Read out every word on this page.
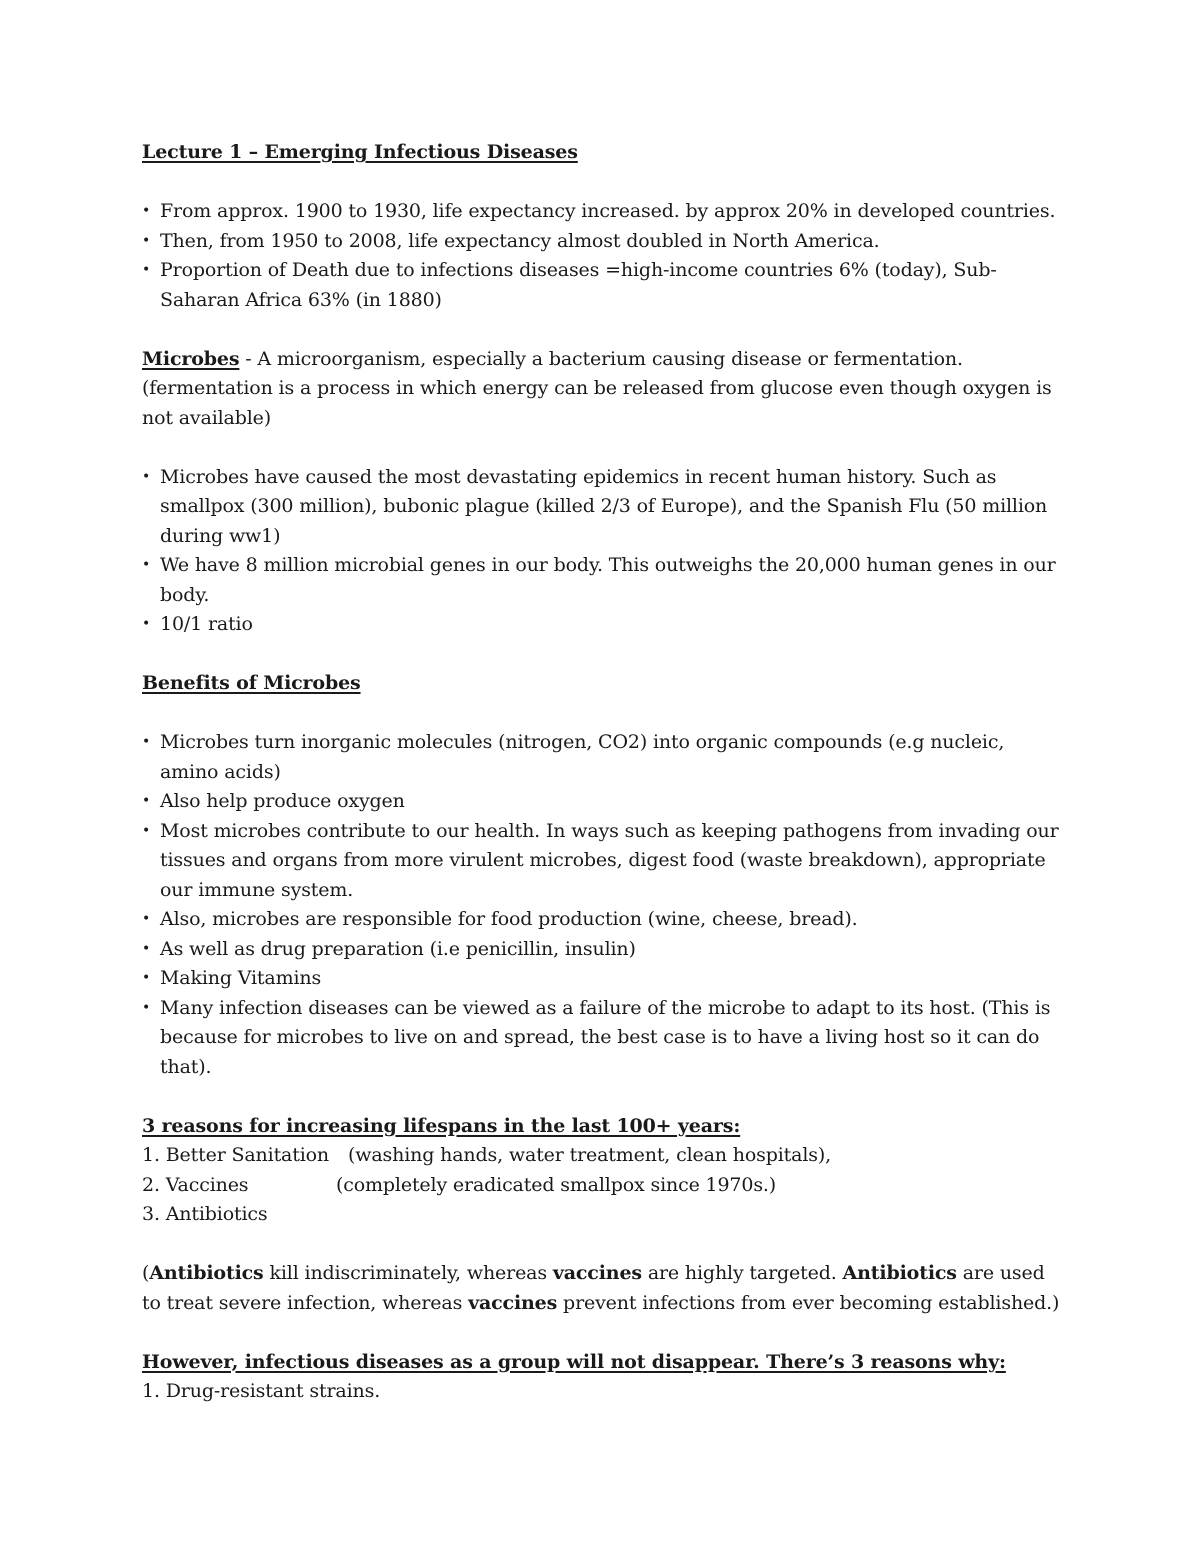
Lecture 1 – Emerging Infectious Diseases
• From approx. 1900 to 1930, life expectancy increased. by approx 20% in developed countries.
• Then, from 1950 to 2008, life expectancy almost doubled in North America.
• Proportion of Death due to infections diseases =high-income countries 6% (today), Sub-Saharan Africa 63% (in 1880)

Microbes - A microorganism, especially a bacterium causing disease or fermentation. (fermentation is a process in which energy can be released from glucose even though oxygen is not available)

• Microbes have caused the most devastating epidemics in recent human history. Such as smallpox (300 million), bubonic plague (killed 2/3 of Europe), and the Spanish Flu (50 million during ww1)
• We have 8 million microbial genes in our body. This outweighs the 20,000 human genes in our body.
• 10/1 ratio
Benefits of Microbes
• Microbes turn inorganic molecules (nitrogen, CO2) into organic compounds (e.g nucleic, amino acids)
• Also help produce oxygen
• Most microbes contribute to our health. In ways such as keeping pathogens from invading our tissues and organs from more virulent microbes, digest food (waste breakdown), appropriate our immune system.
• Also, microbes are responsible for food production (wine, cheese, bread).
• As well as drug preparation (i.e penicillin, insulin)
• Making Vitamins
• Many infection diseases can be viewed as a failure of the microbe to adapt to its host. (This is because for microbes to live on and spread, the best case is to have a living host so it can do that).
3 reasons for increasing lifespans in the last 100+ years:
1. Better Sanitation (washing hands, water treatment, clean hospitals),
2. Vaccines	(completely eradicated smallpox since 1970s.)
3. Antibiotics

(Antibiotics kill indiscriminately, whereas vaccines are highly targeted. Antibiotics are used to treat severe infection, whereas vaccines prevent infections from ever becoming established.)

However, infectious diseases as a group will not disappear. There’s 3 reasons why:
1. Drug-resistant strains.
